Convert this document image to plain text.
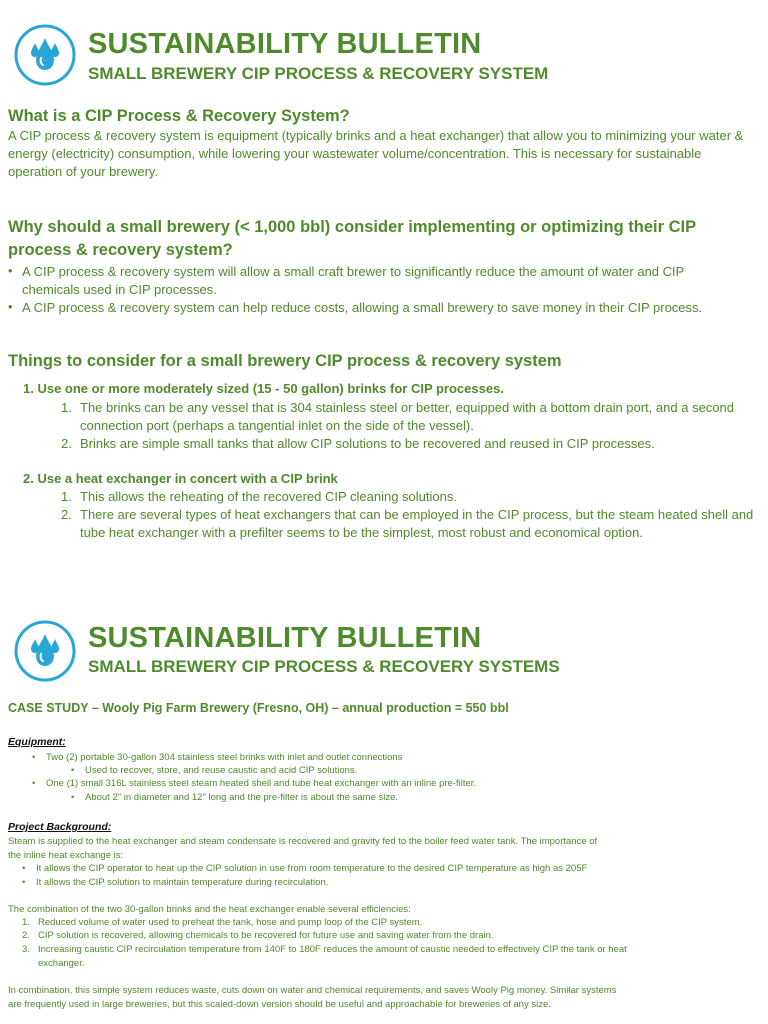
SUSTAINABILITY BULLETIN
SMALL BREWERY CIP PROCESS & RECOVERY SYSTEM
What is a CIP Process & Recovery System?
A CIP process & recovery system is equipment (typically brinks and a heat exchanger) that allow you to minimizing your water & energy (electricity) consumption, while lowering your wastewater volume/concentration. This is necessary for sustainable operation of your brewery.
Why should a small brewery (< 1,000 bbl) consider implementing or optimizing their CIP process & recovery system?
• A CIP process & recovery system will allow a small craft brewer to significantly reduce the amount of water and CIP chemicals used in CIP processes.
• A CIP process & recovery system can help reduce costs, allowing a small brewery to save money in their CIP process.
Things to consider for a small brewery CIP process & recovery system
1. Use one or more moderately sized (15 - 50 gallon) brinks for CIP processes.
1. The brinks can be any vessel that is 304 stainless steel or better, equipped with a bottom drain port, and a second connection port (perhaps a tangential inlet on the side of the vessel).
2. Brinks are simple small tanks that allow CIP solutions to be recovered and reused in CIP processes.
2. Use a heat exchanger in concert with a CIP brink
1. This allows the reheating of the recovered CIP cleaning solutions.
2. There are several types of heat exchangers that can be employed in the CIP process, but the steam heated shell and tube heat exchanger with a prefilter seems to be the simplest, most robust and economical option.
SUSTAINABILITY BULLETIN
SMALL BREWERY CIP PROCESS & RECOVERY SYSTEMS
CASE STUDY – Wooly Pig Farm Brewery (Fresno, OH) – annual production = 550 bbl
Equipment:
• Two (2) portable 30-gallon 304 stainless steel brinks with inlet and outlet connections
• Used to recover, store, and reuse caustic and acid CIP solutions.
• One (1) small 316L stainless steel steam heated shell and tube heat exchanger with an inline pre-filter.
• About 2" in diameter and 12" long and the pre-filter is about the same size.
Project Background:
Steam is supplied to the heat exchanger and steam condensate is recovered and gravity fed to the boiler feed water tank. The importance of the inline heat exchange is:
• It allows the CIP operator to heat up the CIP solution in use from room temperature to the desired CIP temperature as high as 205F
• It allows the CIP solution to maintain temperature during recirculation.
The combination of the two 30-gallon brinks and the heat exchanger enable several efficiencies:
1. Reduced volume of water used to preheat the tank, hose and pump loop of the CIP system.
2. CIP solution is recovered, allowing chemicals to be recovered for future use and saving water from the drain.
3. Increasing caustic CIP recirculation temperature from 140F to 180F reduces the amount of caustic needed to effectively CIP the tank or heat exchanger.
In combination, this simple system reduces waste, cuts down on water and chemical requirements, and saves Wooly Pig money. Similar systems are frequently used in large breweries, but this scaled-down version should be useful and approachable for breweries of any size.
